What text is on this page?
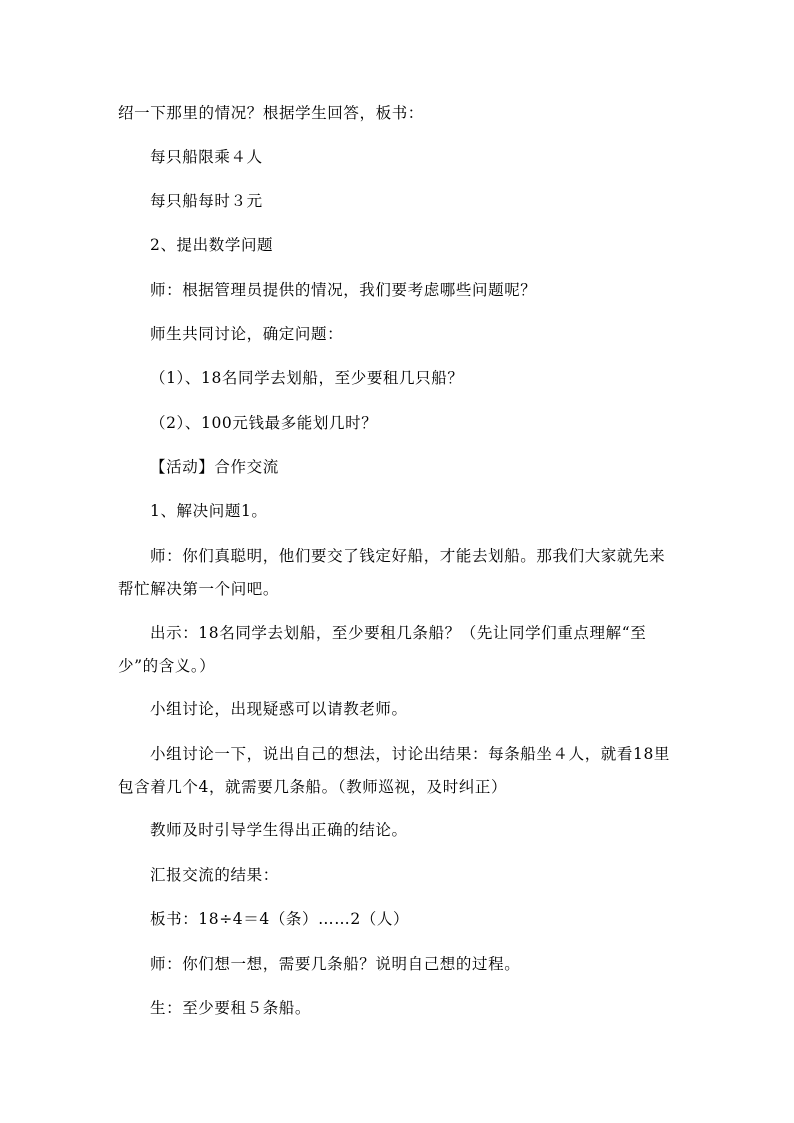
绍一下那里的情况？根据学生回答，板书：
每只船限乘４人
每只船每时３元
2、提出数学问题
师：根据管理员提供的情况，我们要考虑哪些问题呢？
师生共同讨论，确定问题：
（1）、18名同学去划船，至少要租几只船？
（2）、100元钱最多能划几时？
【活动】合作交流
1、解决问题1。
师：你们真聪明，他们要交了钱定好船，才能去划船。那我们大家就先来帮忙解决第一个问吧。
出示：18名同学去划船，至少要租几条船？（先让同学们重点理解“至少”的含义。）
小组讨论，出现疑惑可以请教老师。
小组讨论一下，说出自己的想法，讨论出结果：每条船坐４人，就看18里包含着几个4，就需要几条船。（教师巡视，及时纠正）
教师及时引导学生得出正确的结论。
汇报交流的结果：
板书：18÷4＝4（条）……2（人）
师：你们想一想，需要几条船？说明自己想的过程。
生：至少要租５条船。
